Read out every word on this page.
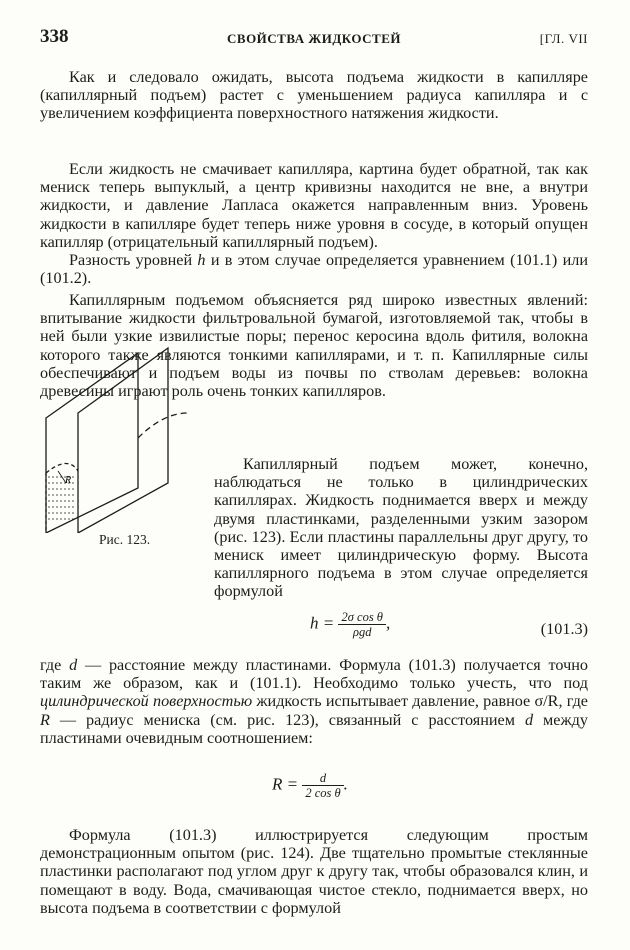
338	СВОЙСТВА ЖИДКОСТЕЙ	[ГЛ. VII
Как и следовало ожидать, высота подъема жидкости в капилляре (капиллярный подъем) растет с уменьшением радиуса капилляра и с увеличением коэффициента поверхностного натяжения жидкости.
Если жидкость не смачивает капилляра, картина будет обратной, так как мениск теперь выпуклый, а центр кривизны находится не вне, а внутри жидкости, и давление Лапласа окажется направленным вниз. Уровень жидкости в капилляре будет теперь ниже уровня в сосуде, в который опущен капилляр (отрицательный капиллярный подъем).
Разность уровней h и в этом случае определяется уравнением (101.1) или (101.2).
Капиллярным подъемом объясняется ряд широко известных явлений: впитывание жидкости фильтровальной бумагой, изготовляемой так, чтобы в ней были узкие извилистые поры; перенос керосина вдоль фитиля, волокна которого также являются тонкими капиллярами, и т. п. Капиллярные силы обеспечивают и подъем воды из почвы по стволам деревьев: волокна древесины играют роль очень тонких капилляров.
R
Рис. 123.
Капиллярный подъем может, конечно, наблюдаться не только в цилиндрических капиллярах. Жидкость поднимается вверх и между двумя пластинками, разделенными узким зазором (рис. 123). Если пластины параллельны друг другу, то мениск имеет цилиндрическую форму. Высота капиллярного подъема в этом случае определяется формулой
$h = \frac{\text{2σ cos θ}}{\text{ρgd}}$ ,	(101.3)
где d — расстояние между пластинами. Формула (101.3) получается точно таким же образом, как и (101.1). Необходимо только учесть, что под цилиндрической поверхностью жидкость испытывает давление, равное σ/R, где R — радиус мениска (см. рис. 123), связанный с расстоянием d между пластинами очевидным соотношением:
$R = \frac{d}{\text{2 cos θ}}$ .
Формула (101.3) иллюстрируется следующим простым демонстрационным опытом (рис. 124). Две тщательно промытые стеклянные пластинки располагают под углом друг к другу так, чтобы образовался клин, и помещают в воду. Вода, смачивающая чистое стекло, поднимается вверх, но высота подъема в соответствии с формулой
